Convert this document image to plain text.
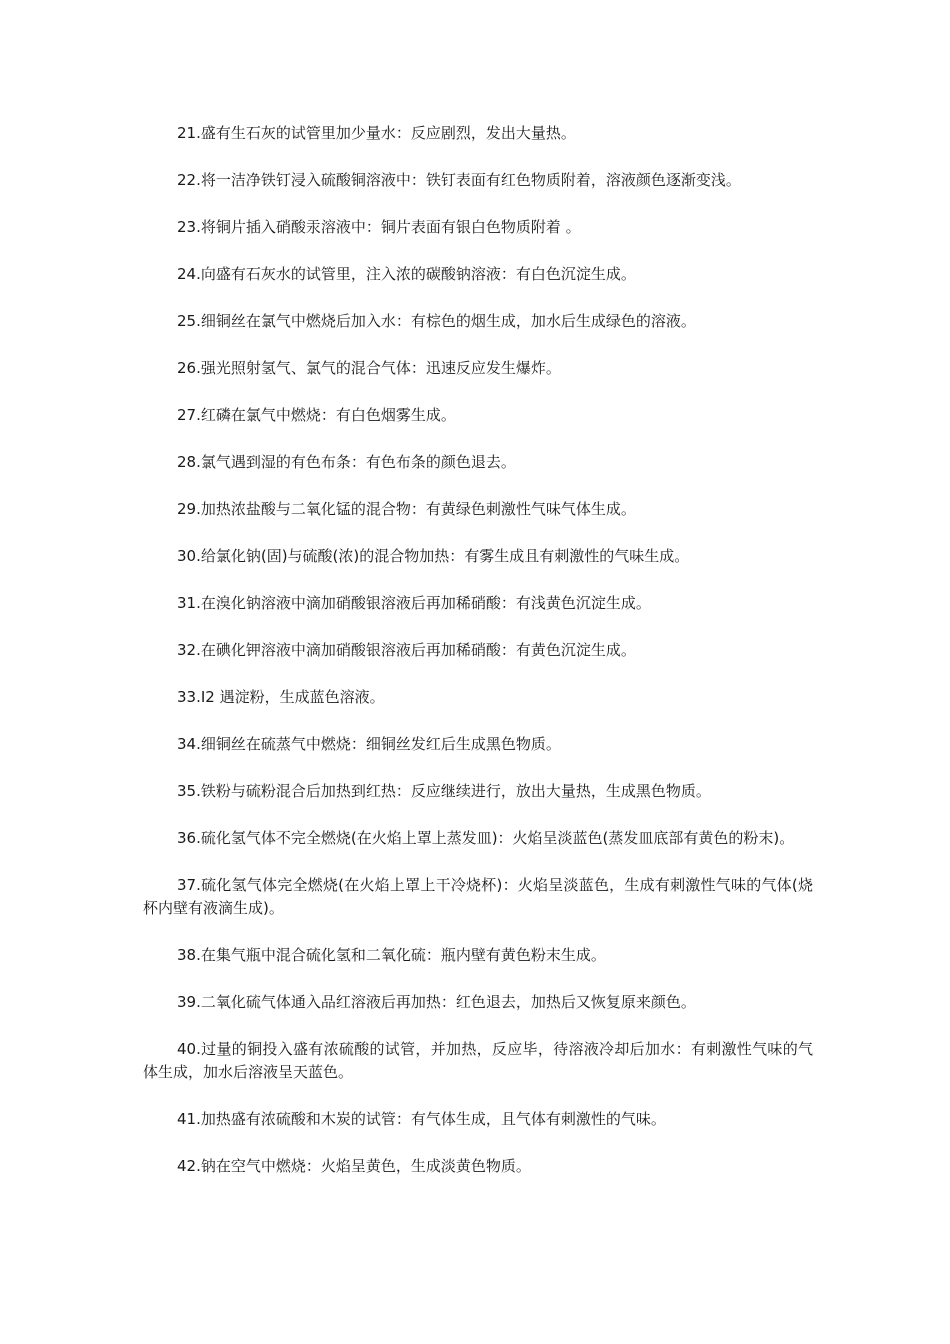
21.盛有生石灰的试管里加少量水：反应剧烈，发出大量热。

22.将一洁净铁钉浸入硫酸铜溶液中：铁钉表面有红色物质附着，溶液颜色逐渐变浅。

23.将铜片插入硝酸汞溶液中：铜片表面有银白色物质附着 。

24.向盛有石灰水的试管里，注入浓的碳酸钠溶液：有白色沉淀生成。

25.细铜丝在氯气中燃烧后加入水：有棕色的烟生成，加水后生成绿色的溶液。

26.强光照射氢气、氯气的混合气体：迅速反应发生爆炸。

27.红磷在氯气中燃烧：有白色烟雾生成。

28.氯气遇到湿的有色布条：有色布条的颜色退去。

29.加热浓盐酸与二氧化锰的混合物：有黄绿色刺激性气味气体生成。

30.给氯化钠(固)与硫酸(浓)的混合物加热：有雾生成且有刺激性的气味生成。

31.在溴化钠溶液中滴加硝酸银溶液后再加稀硝酸：有浅黄色沉淀生成。

32.在碘化钾溶液中滴加硝酸银溶液后再加稀硝酸：有黄色沉淀生成。

33.I2 遇淀粉，生成蓝色溶液。

34.细铜丝在硫蒸气中燃烧：细铜丝发红后生成黑色物质。

35.铁粉与硫粉混合后加热到红热：反应继续进行，放出大量热，生成黑色物质。

36.硫化氢气体不完全燃烧(在火焰上罩上蒸发皿)：火焰呈淡蓝色(蒸发皿底部有黄色的粉末)。

37.硫化氢气体完全燃烧(在火焰上罩上干冷烧杯)：火焰呈淡蓝色，生成有刺激性气味的气体(烧杯内壁有液滴生成)。

38.在集气瓶中混合硫化氢和二氧化硫：瓶内壁有黄色粉末生成。

39.二氧化硫气体通入品红溶液后再加热：红色退去，加热后又恢复原来颜色。

40.过量的铜投入盛有浓硫酸的试管，并加热，反应毕，待溶液冷却后加水：有刺激性气味的气体生成，加水后溶液呈天蓝色。

41.加热盛有浓硫酸和木炭的试管：有气体生成，且气体有刺激性的气味。

42.钠在空气中燃烧：火焰呈黄色，生成淡黄色物质。
